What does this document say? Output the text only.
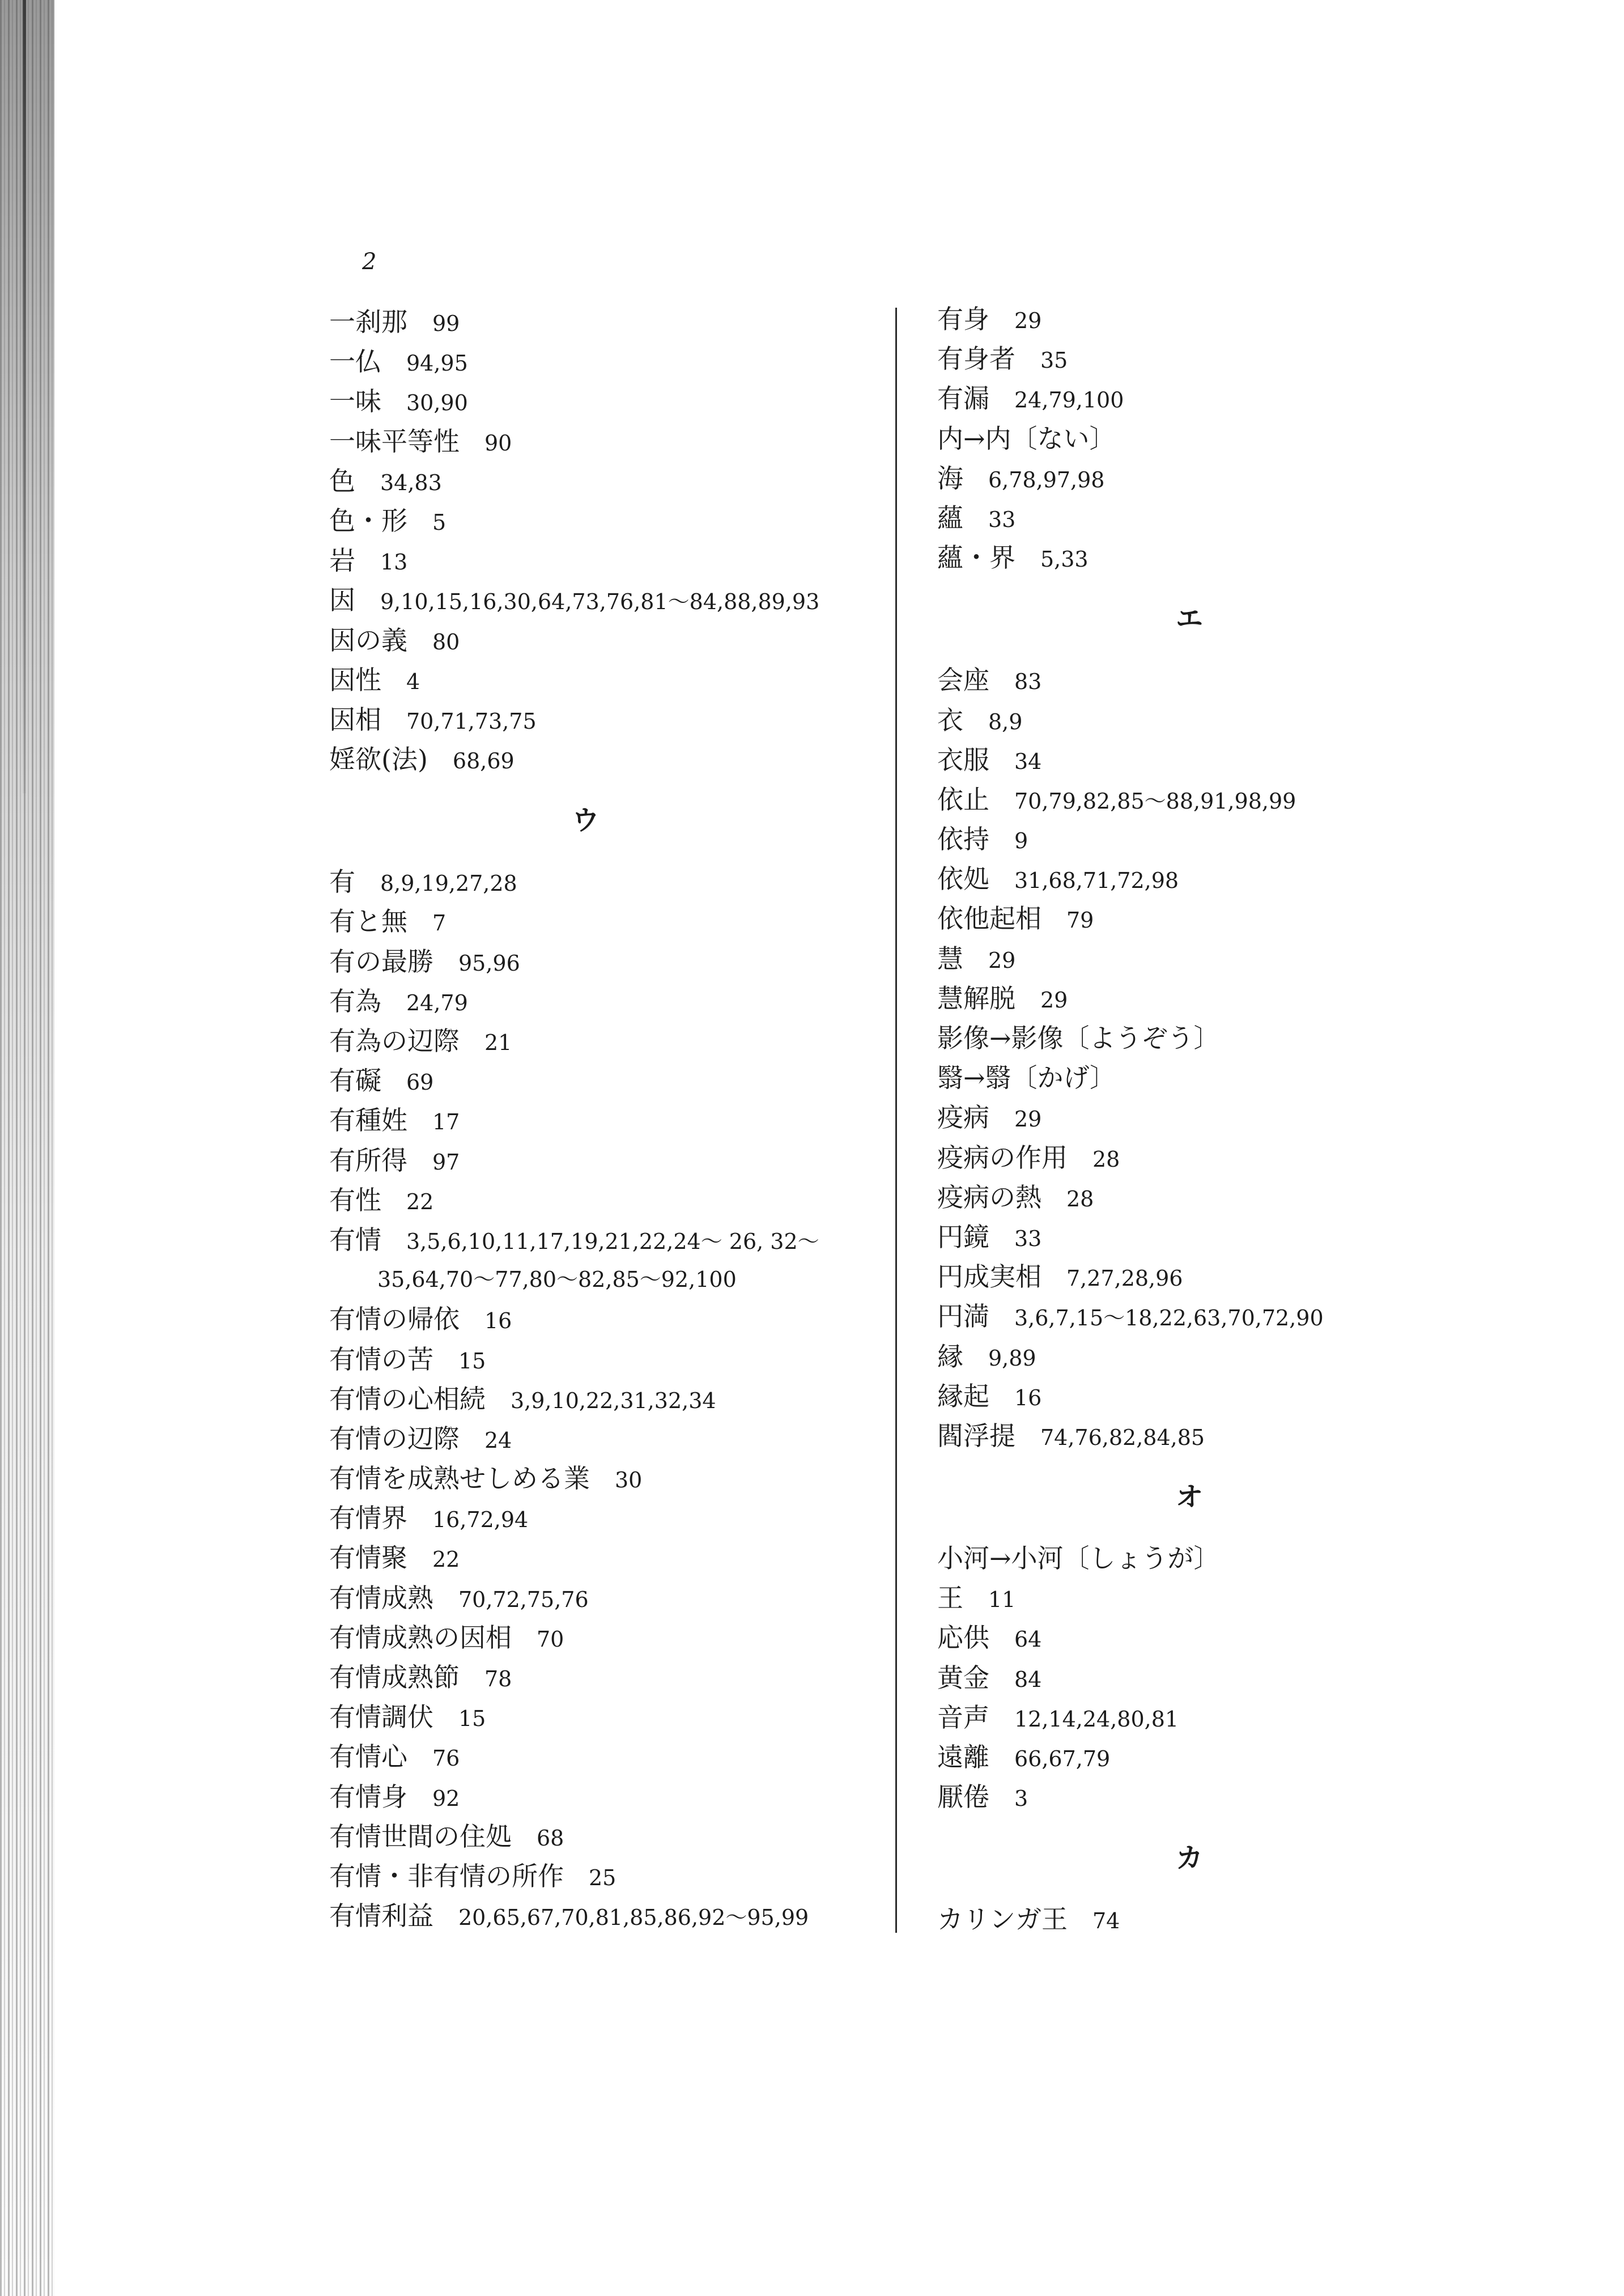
2
一刹那 99
一仏 94,95
一味 30,90
一味平等性 90
色 34,83
色・形 5
岩 13
因 9,10,15,16,30,64,73,76,81〜84,88,89,93
因の義 80
因性 4
因相 70,71,73,75
婬欲(法) 68,69
ウ
有 8,9,19,27,28
有と無 7
有の最勝 95,96
有為 24,79
有為の辺際 21
有礙 69
有種姓 17
有所得 97
有性 22
有情 3,5,6,10,11,17,19,21,22,24〜 26, 32〜
35,64,70〜77,80〜82,85〜92,100
有情の帰依 16
有情の苦 15
有情の心相続 3,9,10,22,31,32,34
有情の辺際 24
有情を成熟せしめる業 30
有情界 16,72,94
有情聚 22
有情成熟 70,72,75,76
有情成熟の因相 70
有情成熟節 78
有情調伏 15
有情心 76
有情身 92
有情世間の住処 68
有情・非有情の所作 25
有情利益 20,65,67,70,81,85,86,92〜95,99
有身 29
有身者 35
有漏 24,79,100
内→内〔ない〕
海 6,78,97,98
蘊 33
蘊・界 5,33
エ
会座 83
衣 8,9
衣服 34
依止 70,79,82,85〜88,91,98,99
依持 9
依処 31,68,71,72,98
依他起相 79
慧 29
慧解脱 29
影像→影像〔ようぞう〕
翳→翳〔かげ〕
疫病 29
疫病の作用 28
疫病の熱 28
円鏡 33
円成実相 7,27,28,96
円満 3,6,7,15〜18,22,63,70,72,90
縁 9,89
縁起 16
閻浮提 74,76,82,84,85
オ
小河→小河〔しょうが〕
王 11
応供 64
黄金 84
音声 12,14,24,80,81
遠離 66,67,79
厭倦 3
カ
カリンガ王 74
